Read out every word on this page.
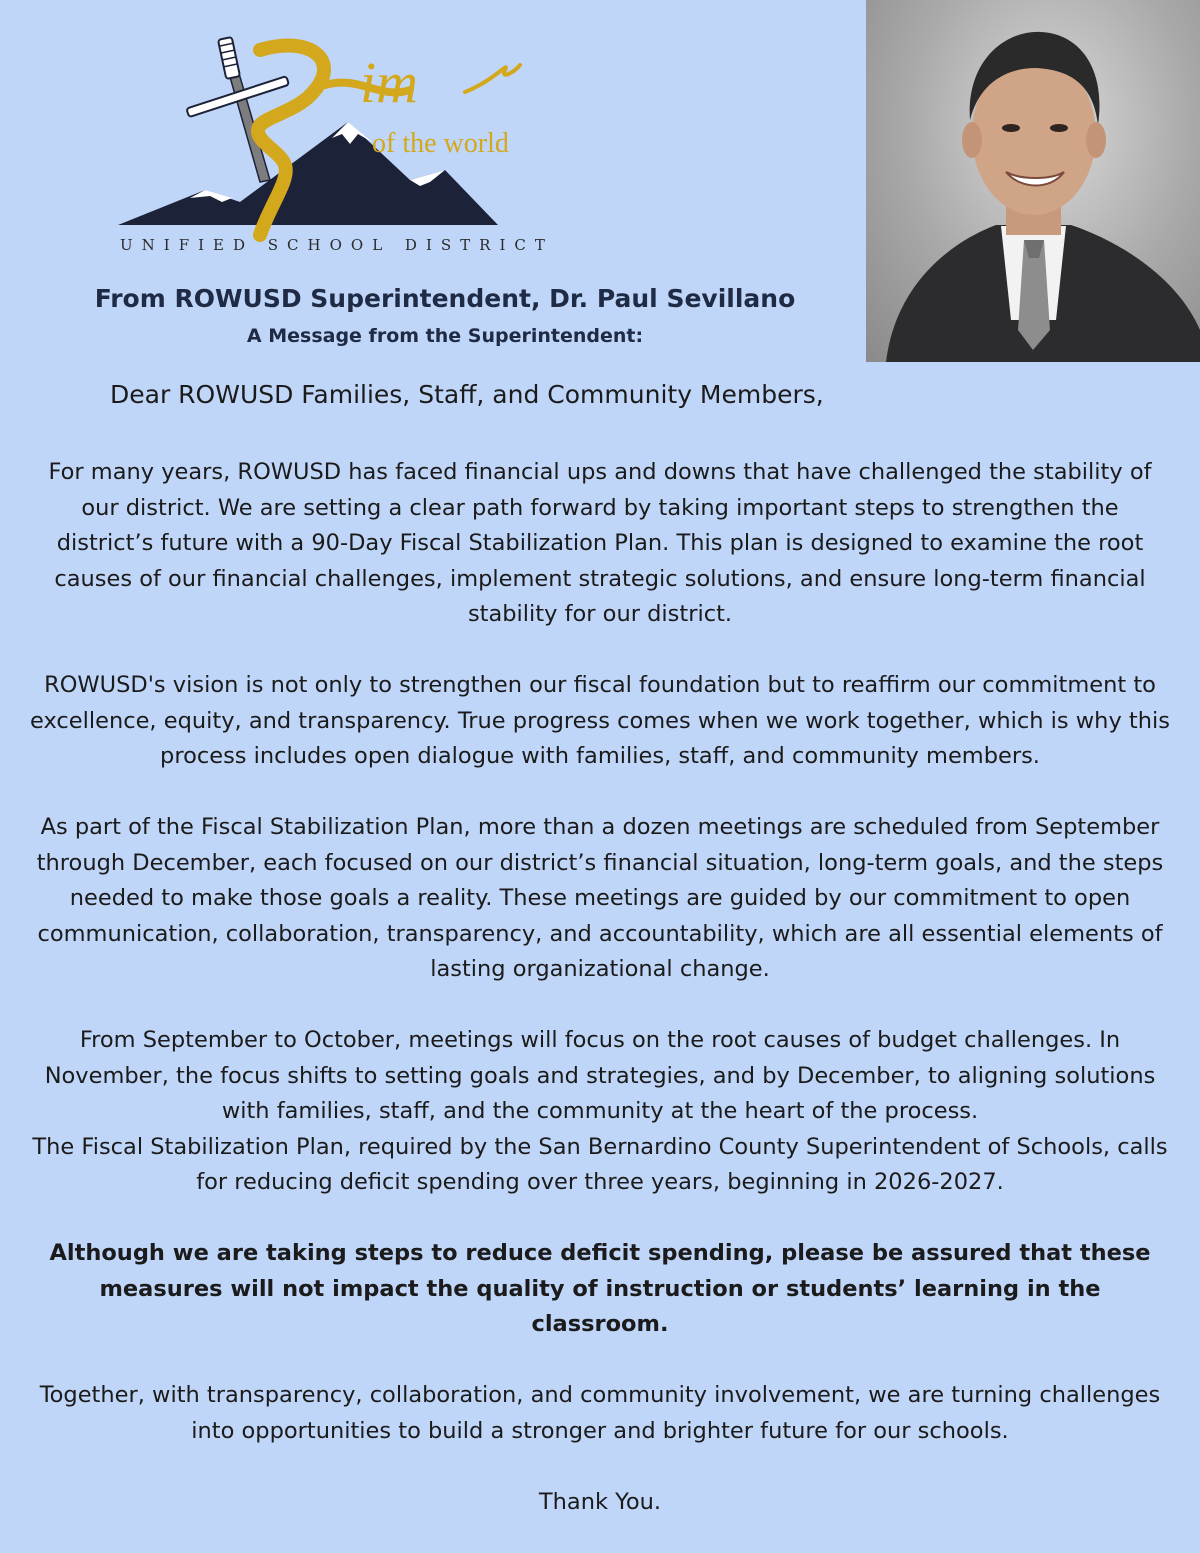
im
of the world
UNIFIED SCHOOL DISTRICT
From ROWUSD Superintendent, Dr. Paul Sevillano
A Message from the Superintendent:
Dear ROWUSD Families, Staff, and Community Members,

For many years, ROWUSD has faced financial ups and downs that have challenged the stability of our district. We are setting a clear path forward by taking important steps to strengthen the district’s future with a 90-Day Fiscal Stabilization Plan. This plan is designed to examine the root causes of our financial challenges, implement strategic solutions, and ensure long-term financial stability for our district.

ROWUSD's vision is not only to strengthen our fiscal foundation but to reaffirm our commitment to excellence, equity, and transparency. True progress comes when we work together, which is why this process includes open dialogue with families, staff, and community members.

As part of the Fiscal Stabilization Plan, more than a dozen meetings are scheduled from September through December, each focused on our district’s financial situation, long-term goals, and the steps needed to make those goals a reality. These meetings are guided by our commitment to open communication, collaboration, transparency, and accountability, which are all essential elements of lasting organizational change.

From September to October, meetings will focus on the root causes of budget challenges. In November, the focus shifts to setting goals and strategies, and by December, to aligning solutions with families, staff, and the community at the heart of the process.

The Fiscal Stabilization Plan, required by the San Bernardino County Superintendent of Schools, calls for reducing deficit spending over three years, beginning in 2026-2027.

Although we are taking steps to reduce deficit spending, please be assured that these measures will not impact the quality of instruction or students’ learning in the classroom.

Together, with transparency, collaboration, and community involvement, we are turning challenges into opportunities to build a stronger and brighter future for our schools.

Thank You.
